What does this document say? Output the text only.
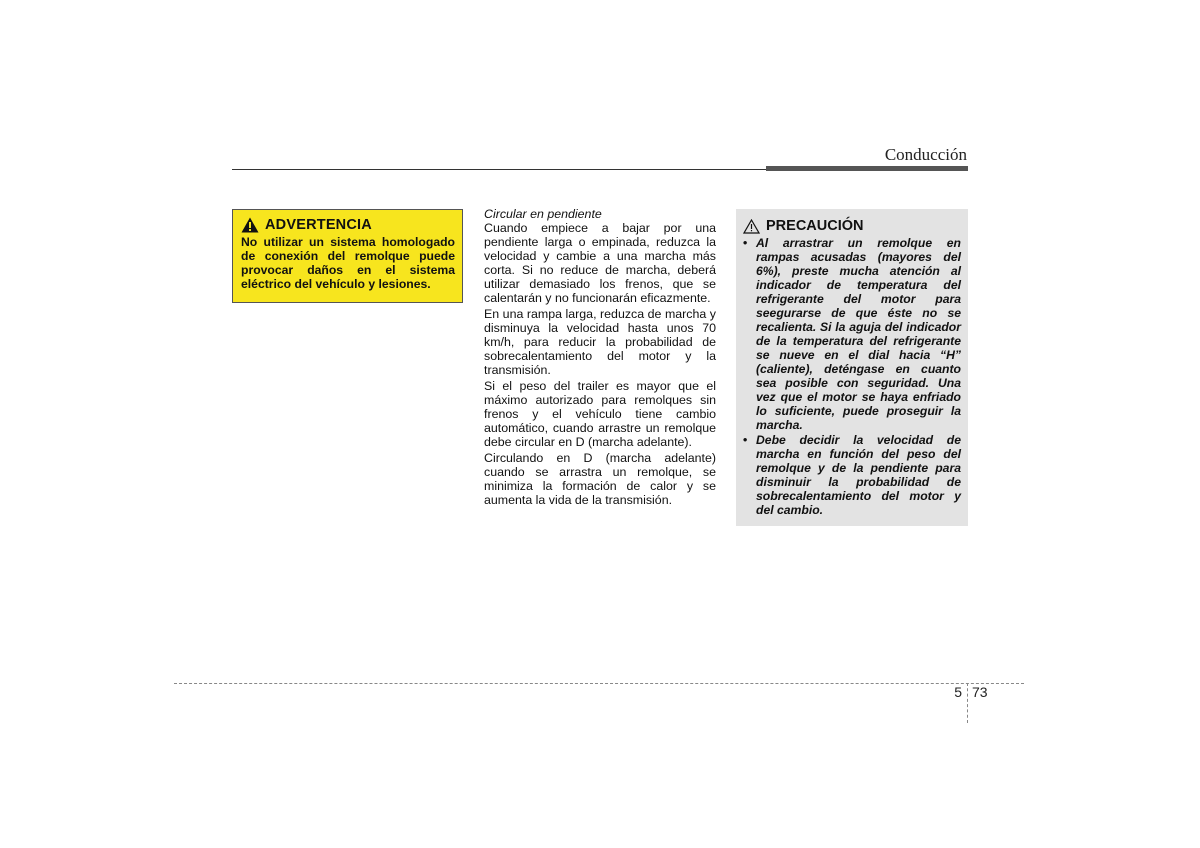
Conducción
ADVERTENCIA
No utilizar un sistema homologado de conexión del remolque puede provocar daños en el sistema eléctrico del vehículo y lesiones.
Circular en pendiente

Cuando empiece a bajar por una pendiente larga o empinada, reduzca la velocidad y cambie a una marcha más corta. Si no reduce de marcha, deberá utilizar demasiado los frenos, que se calentarán y no funcionarán eficazmente.

En una rampa larga, reduzca de marcha y disminuya la velocidad hasta unos 70 km/h, para reducir la probabilidad de sobrecalentamiento del motor y la transmisión.

Si el peso del trailer es mayor que el máximo autorizado para remolques sin frenos y el vehículo tiene cambio automático, cuando arrastre un remolque debe circular en D (marcha adelante).

Circulando en D (marcha adelante) cuando se arrastra un remolque, se minimiza la formación de calor y se aumenta la vida de la transmisión.

PRECAUCIÓN
• Al arrastrar un remolque en rampas acusadas (mayores del 6%), preste mucha atención al indicador de temperatura del refrigerante del motor para seegurarse de que éste no se recalienta. Si la aguja del indicador de la temperatura del refrigerante se nueve en el dial hacia “H” (caliente), deténgase en cuanto sea posible con seguridad. Una vez que el motor se haya enfriado lo suficiente, puede proseguir la marcha.
• Debe decidir la velocidad de marcha en función del peso del remolque y de la pendiente para disminuir la probabilidad de sobrecalentamiento del motor y del cambio.
5 73
